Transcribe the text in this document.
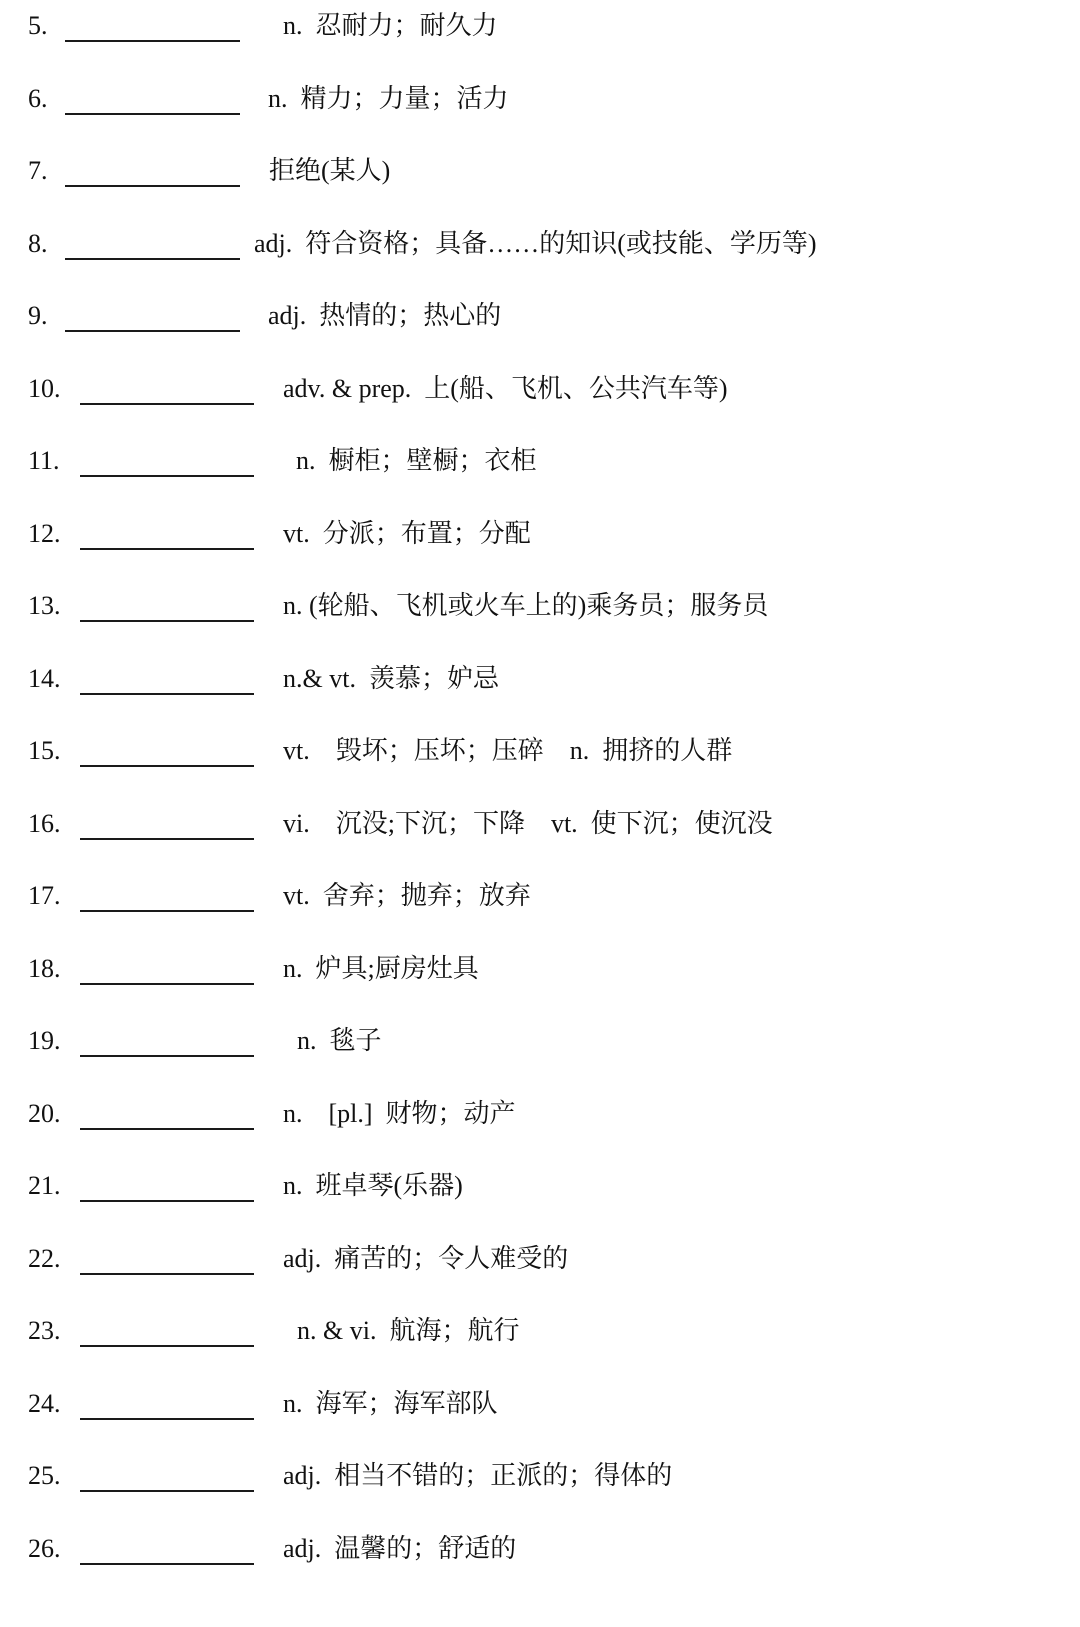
5.	n.  忍耐力；耐久力
6.	n.  精力；力量；活力
7.	拒绝(某人)
8.	adj.  符合资格；具备……的知识(或技能、学历等)
9.	adj.  热情的；热心的
10.	adv. & prep.  上(船、飞机、公共汽车等)
11.	n.  橱柜；壁橱；衣柜
12.	vt.  分派；布置；分配
13.	n. (轮船、飞机或火车上的)乘务员；服务员
14.	n.& vt.  羡慕；妒忌
15.	vt.    毁坏；压坏；压碎    n.  拥挤的人群
16.	vi.    沉没;下沉；下降    vt.  使下沉；使沉没
17.	vt.  舍弃；抛弃；放弃
18.	n.  炉具;厨房灶具
19.	n.  毯子
20.	n.    [pl.]  财物；动产
21.	n.  班卓琴(乐器)
22.	adj.  痛苦的；令人难受的
23.	n. & vi.  航海；航行
24.	n.  海军；海军部队
25.	adj.  相当不错的；正派的；得体的
26.	adj.  温馨的；舒适的
